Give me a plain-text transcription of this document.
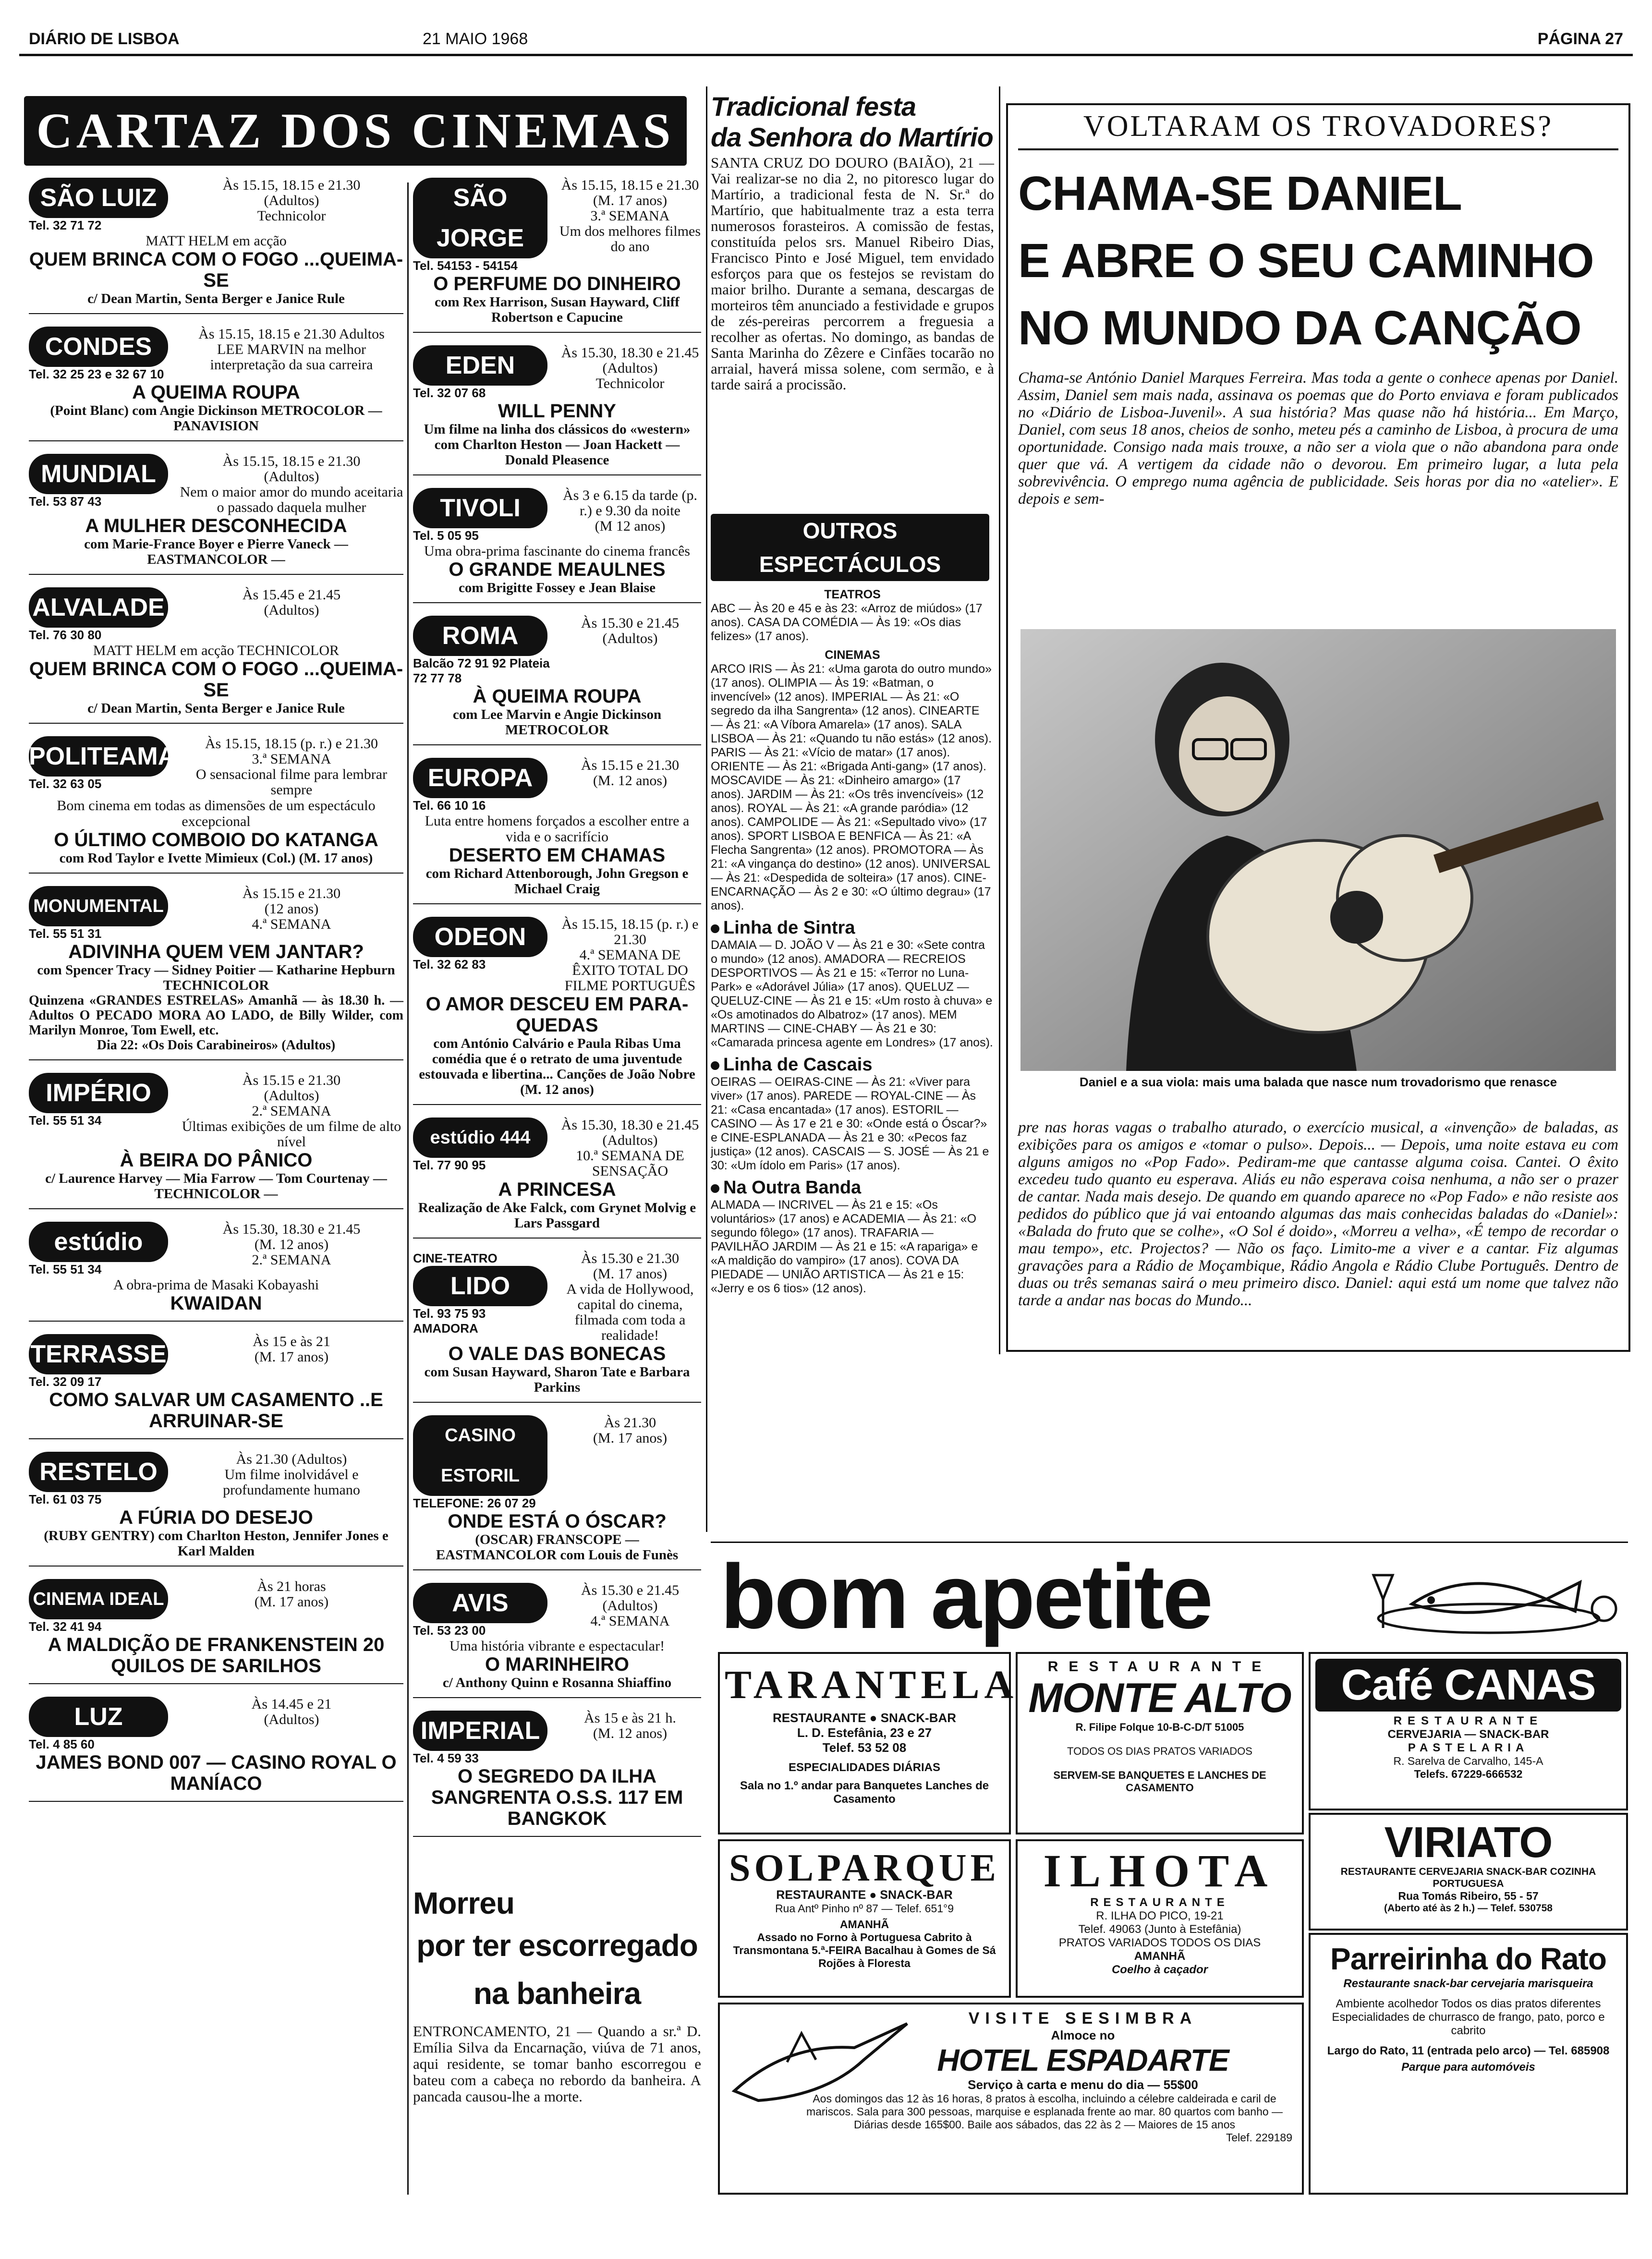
DIÁRIO DE LISBOA	21 MAIO 1968	PÁGINA 27
CARTAZ DOS CINEMAS
SÃO LUIZ
Tel. 32 71 72
Às 15.15, 18.15 e 21.30
(Adultos)
Technicolor
MATT HELM em acção
QUEM BRINCA COM O FOGO ...QUEIMA-SE
c/ Dean Martin, Senta Berger e Janice Rule
CONDES
Tel. 32 25 23 e 32 67 10
Às 15.15, 18.15 e 21.30 Adultos
LEE MARVIN na melhor interpretação da sua carreira
A QUEIMA ROUPA
(Point Blanc) com Angie Dickinson METROCOLOR — PANAVISION
MUNDIAL
Tel. 53 87 43
Às 15.15, 18.15 e 21.30
(Adultos)
Nem o maior amor do mundo aceitaria o passado daquela mulher
A MULHER DESCONHECIDA
com Marie-France Boyer e Pierre Vaneck — EASTMANCOLOR —
ALVALADE
Tel. 76 30 80
Às 15.45 e 21.45
(Adultos)
MATT HELM em acção TECHNICOLOR
QUEM BRINCA COM O FOGO ...QUEIMA-SE
c/ Dean Martin, Senta Berger e Janice Rule
POLITEAMA
Tel. 32 63 05
Às 15.15, 18.15 (p. r.) e 21.30
3.ª SEMANA
O sensacional filme para lembrar sempre
Bom cinema em todas as dimensões de um espectáculo excepcional
O ÚLTIMO COMBOIO DO KATANGA
com Rod Taylor e Ivette Mimieux (Col.) (M. 17 anos)
MONUMENTAL
Tel. 55 51 31
Às 15.15 e 21.30
(12 anos)
4.ª SEMANA
ADIVINHA QUEM VEM JANTAR?
com Spencer Tracy — Sidney Poitier — Katharine Hepburn TECHNICOLOR
Quinzena «GRANDES ESTRELAS» Amanhã — às 18.30 h. — Adultos O PECADO MORA AO LADO, de Billy Wilder, com Marilyn Monroe, Tom Ewell, etc.
Dia 22: «Os Dois Carabineiros» (Adultos)
IMPÉRIO
Tel. 55 51 34
Às 15.15 e 21.30
(Adultos)
2.ª SEMANA
Últimas exibições de um filme de alto nível
À BEIRA DO PÂNICO
c/ Laurence Harvey — Mia Farrow — Tom Courtenay — TECHNICOLOR —
estúdio
Tel. 55 51 34
Às 15.30, 18.30 e 21.45
(M. 12 anos)
2.ª SEMANA
A obra-prima de Masaki Kobayashi
KWAIDAN
TERRASSE
Tel. 32 09 17
Às 15 e às 21
(M. 17 anos)
COMO SALVAR UM CASAMENTO ..E ARRUINAR-SE
RESTELO
Tel. 61 03 75
Às 21.30 (Adultos)
Um filme inolvidável e profundamente humano
A FÚRIA DO DESEJO
(RUBY GENTRY) com Charlton Heston, Jennifer Jones e Karl Malden
CINEMA IDEAL
Tel. 32 41 94
Às 21 horas
(M. 17 anos)
A MALDIÇÃO DE FRANKENSTEIN 20 QUILOS DE SARILHOS
LUZ
Tel. 4 85 60
Às 14.45 e 21
(Adultos)
JAMES BOND 007 — CASINO ROYAL O MANÍACO
SÃO JORGE
Tel. 54153 - 54154
Às 15.15, 18.15 e 21.30
(M. 17 anos)
3.ª SEMANA
Um dos melhores filmes do ano
O PERFUME DO DINHEIRO
com Rex Harrison, Susan Hayward, Cliff Robertson e Capucine
EDEN
Tel. 32 07 68
Às 15.30, 18.30 e 21.45
(Adultos)
Technicolor
WILL PENNY
Um filme na linha dos clássicos do «western» com Charlton Heston — Joan Hackett — Donald Pleasence
TIVOLI
Tel. 5 05 95
Às 3 e 6.15 da tarde (p. r.) e 9.30 da noite
(M 12 anos)
Uma obra-prima fascinante do cinema francês
O GRANDE MEAULNES
com Brigitte Fossey e Jean Blaise
ROMA
Balcão 72 91 92 Plateia 72 77 78
Às 15.30 e 21.45
(Adultos)
À QUEIMA ROUPA
com Lee Marvin e Angie Dickinson METROCOLOR
EUROPA
Tel. 66 10 16
Às 15.15 e 21.30
(M. 12 anos)
Luta entre homens forçados a escolher entre a vida e o sacrifício
DESERTO EM CHAMAS
com Richard Attenborough, John Gregson e Michael Craig
ODEON
Tel. 32 62 83
Às 15.15, 18.15 (p. r.) e 21.30
4.ª SEMANA DE ÊXITO TOTAL DO FILME PORTUGUÊS
O AMOR DESCEU EM PARA-QUEDAS
com António Calvário e Paula Ribas Uma comédia que é o retrato de uma juventude estouvada e libertina... Canções de João Nobre (M. 12 anos)
estúdio 444
Tel. 77 90 95
Às 15.30, 18.30 e 21.45
(Adultos)
10.ª SEMANA DE SENSAÇÃO
A PRINCESA
Realização de Ake Falck, com Grynet Molvig e Lars Passgard
CINE-TEATRO
LIDO
Tel. 93 75 93 AMADORA
Às 15.30 e 21.30
(M. 17 anos)
A vida de Hollywood, capital do cinema, filmada com toda a realidade!
O VALE DAS BONECAS
com Susan Hayward, Sharon Tate e Barbara Parkins
CASINO ESTORIL
TELEFONE: 26 07 29
Às 21.30
(M. 17 anos)
ONDE ESTÁ O ÓSCAR?
(OSCAR) FRANSCOPE — EASTMANCOLOR com Louis de Funès
AVIS
Tel. 53 23 00
Às 15.30 e 21.45
(Adultos)
4.ª SEMANA
Uma história vibrante e espectacular!
O MARINHEIRO
c/ Anthony Quinn e Rosanna Shiaffino
IMPERIAL
Tel. 4 59 33
Às 15 e às 21 h.
(M. 12 anos)
O SEGREDO DA ILHA SANGRENTA O.S.S. 117 EM BANGKOK
Morreu
por ter escorregado
na banheira
ENTRONCAMENTO, 21 — Quando a sr.ª D. Emília Silva da Encarnação, viúva de 71 anos, aqui residente, se tomar banho escorregou e bateu com a cabeça no rebordo da banheira. A pancada causou-lhe a morte.
Tradicional festa
da Senhora do Martírio
SANTA CRUZ DO DOURO (BAIÃO), 21 — Vai realizar-se no dia 2, no pitoresco lugar do Martírio, a tradicional festa de N. Sr.ª do Martírio, que habitualmente traz a esta terra numerosos forasteiros. A comissão de festas, constituída pelos srs. Manuel Ribeiro Dias, Francisco Pinto e José Miguel, tem envidado esforços para que os festejos se revistam do maior brilho. Durante a semana, descargas de morteiros têm anunciado a festividade e grupos de zés-pereiras percorrem a freguesia a recolher as ofertas. No domingo, as bandas de Santa Marinha do Zêzere e Cinfães tocarão no arraial, haverá missa solene, com sermão, e à tarde sairá a procissão.
OUTROS ESPECTÁCULOS
TEATROS
ABC — Às 20 e 45 e às 23: «Arroz de miúdos» (17 anos). CASA DA COMÉDIA — Às 19: «Os dias felizes» (17 anos).
CINEMAS
ARCO IRIS — Às 21: «Uma garota do outro mundo» (17 anos). OLIMPIA — Às 19: «Batman, o invencível» (12 anos). IMPERIAL — Às 21: «O segredo da ilha Sangrenta» (12 anos). CINEARTE — Às 21: «A Víbora Amarela» (17 anos). SALA LISBOA — Às 21: «Quando tu não estás» (12 anos). PARIS — Às 21: «Vício de matar» (17 anos). ORIENTE — Às 21: «Brigada Anti-gang» (17 anos). MOSCAVIDE — Às 21: «Dinheiro amargo» (17 anos). JARDIM — Às 21: «Os três invencíveis» (12 anos). ROYAL — Às 21: «A grande paródia» (12 anos). CAMPOLIDE — Às 21: «Sepultado vivo» (17 anos). SPORT LISBOA E BENFICA — Às 21: «A Flecha Sangrenta» (12 anos). PROMOTORA — Às 21: «A vingança do destino» (12 anos). UNIVERSAL — Às 21: «Despedida de solteira» (17 anos). CINE-ENCARNAÇÃO — Às 2 e 30: «O último degrau» (17 anos).
Linha de Sintra
DAMAIA — D. JOÃO V — Às 21 e 30: «Sete contra o mundo» (12 anos). AMADORA — RECREIOS DESPORTIVOS — Às 21 e 15: «Terror no Luna-Park» e «Adorável Júlia» (17 anos). QUELUZ — QUELUZ-CINE — Às 21 e 15: «Um rosto à chuva» e «Os amotinados do Albatroz» (17 anos). MEM MARTINS — CINE-CHABY — Às 21 e 30: «Camarada princesa agente em Londres» (17 anos).
Linha de Cascais
OEIRAS — OEIRAS-CINE — Às 21: «Viver para viver» (17 anos). PAREDE — ROYAL-CINE — Às 21: «Casa encantada» (17 anos). ESTORIL — CASINO — Às 17 e 21 e 30: «Onde está o Óscar?» e CINE-ESPLANADA — Às 21 e 30: «Pecos faz justiça» (12 anos). CASCAIS — S. JOSÉ — Às 21 e 30: «Um ídolo em Paris» (17 anos).
Na Outra Banda
ALMADA — INCRIVEL — Às 21 e 15: «Os voluntários» (17 anos) e ACADEMIA — Às 21: «O segundo fôlego» (17 anos). TRAFARIA — PAVILHÃO JARDIM — Às 21 e 15: «A rapariga» e «A maldição do vampiro» (17 anos). COVA DA PIEDADE — UNIÃO ARTISTICA — Às 21 e 15: «Jerry e os 6 tios» (12 anos).
VOLTARAM OS TROVADORES?
CHAMA-SE DANIEL
E ABRE O SEU CAMINHO
NO MUNDO DA CANÇÃO
Chama-se António Daniel Marques Ferreira. Mas toda a gente o conhece apenas por Daniel. Assim, Daniel sem mais nada, assinava os poemas que do Porto enviava e foram publicados no «Diário de Lisboa-Juvenil». A sua história? Mas quase não há história... Em Março, Daniel, com seus 18 anos, cheios de sonho, meteu pés a caminho de Lisboa, à procura de uma oportunidade. Consigo nada mais trouxe, a não ser a viola que o não abandona para onde quer que vá. A vertigem da cidade não o devorou. Em primeiro lugar, a luta pela sobrevivência. O emprego numa agência de publicidade. Seis horas por dia no «atelier». E depois e sem-
Daniel e a sua viola: mais uma balada que nasce num trovadorismo que renasce
pre nas horas vagas o trabalho aturado, o exercício musical, a «invenção» de baladas, as exibições para os amigos e «tomar o pulso». Depois... — Depois, uma noite estava eu com alguns amigos no «Pop Fado». Pediram-me que cantasse alguma coisa. Cantei. O êxito excedeu tudo quanto eu esperava. Aliás eu não esperava coisa nenhuma, a não ser o prazer de cantar. Nada mais desejo. De quando em quando aparece no «Pop Fado» e não resiste aos pedidos do público que já vai entoando algumas das mais conhecidas baladas do «Daniel»: «Balada do fruto que se colhe», «O Sol é doido», «Morreu a velha», «É tempo de recordar o mau tempo», etc. Projectos? — Não os faço. Limito-me a viver e a cantar. Fiz algumas gravações para a Rádio de Moçambique, Rádio Angola e Rádio Clube Português. Dentro de duas ou três semanas sairá o meu primeiro disco. Daniel: aqui está um nome que talvez não tarde a andar nas bocas do Mundo...
bom apetite
TARANTELA
RESTAURANTE ● SNACK-BAR
L. D. Estefânia, 23 e 27
Telef. 53 52 08
ESPECIALIDADES DIÁRIAS
Sala no 1.º andar para Banquetes Lanches de Casamento
SOLPARQUE
RESTAURANTE ● SNACK-BAR
Rua Antº Pinho nº 87 — Telef. 651°9
AMANHÃ
Assado no Forno à Portuguesa Cabrito à Transmontana 5.ª-FEIRA Bacalhau à Gomes de Sá Rojões à Floresta
RESTAURANTE
MONTE ALTO
R. Filipe Folque 10-B-C-D/T 51005
TODOS OS DIAS PRATOS VARIADOS
SERVEM-SE BANQUETES E LANCHES DE CASAMENTO
ILHOTA
RESTAURANTE
R. ILHA DO PICO, 19-21
Telef. 49063 (Junto à Estefânia)
PRATOS VARIADOS TODOS OS DIAS
AMANHÃ
Coelho à caçador
Café CANAS
RESTAURANTE
CERVEJARIA — SNACK-BAR
PASTELARIA
R. Sarelva de Carvalho, 145-A
Telefs. 67229-666532
VIRIATO
RESTAURANTE CERVEJARIA SNACK-BAR COZINHA PORTUGUESA
Rua Tomás Ribeiro, 55 - 57
(Aberto até às 2 h.) — Telef. 530758
Parreirinha do Rato
Restaurante snack-bar cervejaria marisqueira
Ambiente acolhedor Todos os dias pratos diferentes Especialidades de churrasco de frango, pato, porco e cabrito
Largo do Rato, 11 (entrada pelo arco) — Tel. 685908
Parque para automóveis
VISITE SESIMBRA
Almoce no
HOTEL ESPADARTE
Serviço à carta e menu do dia — 55$00
Aos domingos das 12 às 16 horas, 8 pratos à escolha, incluindo a célebre caldeirada e caril de mariscos. Sala para 300 pessoas, marquise e esplanada frente ao mar. 80 quartos com banho — Diárias desde 165$00. Baile aos sábados, das 22 às 2 — Maiores de 15 anos
Telef. 229189
